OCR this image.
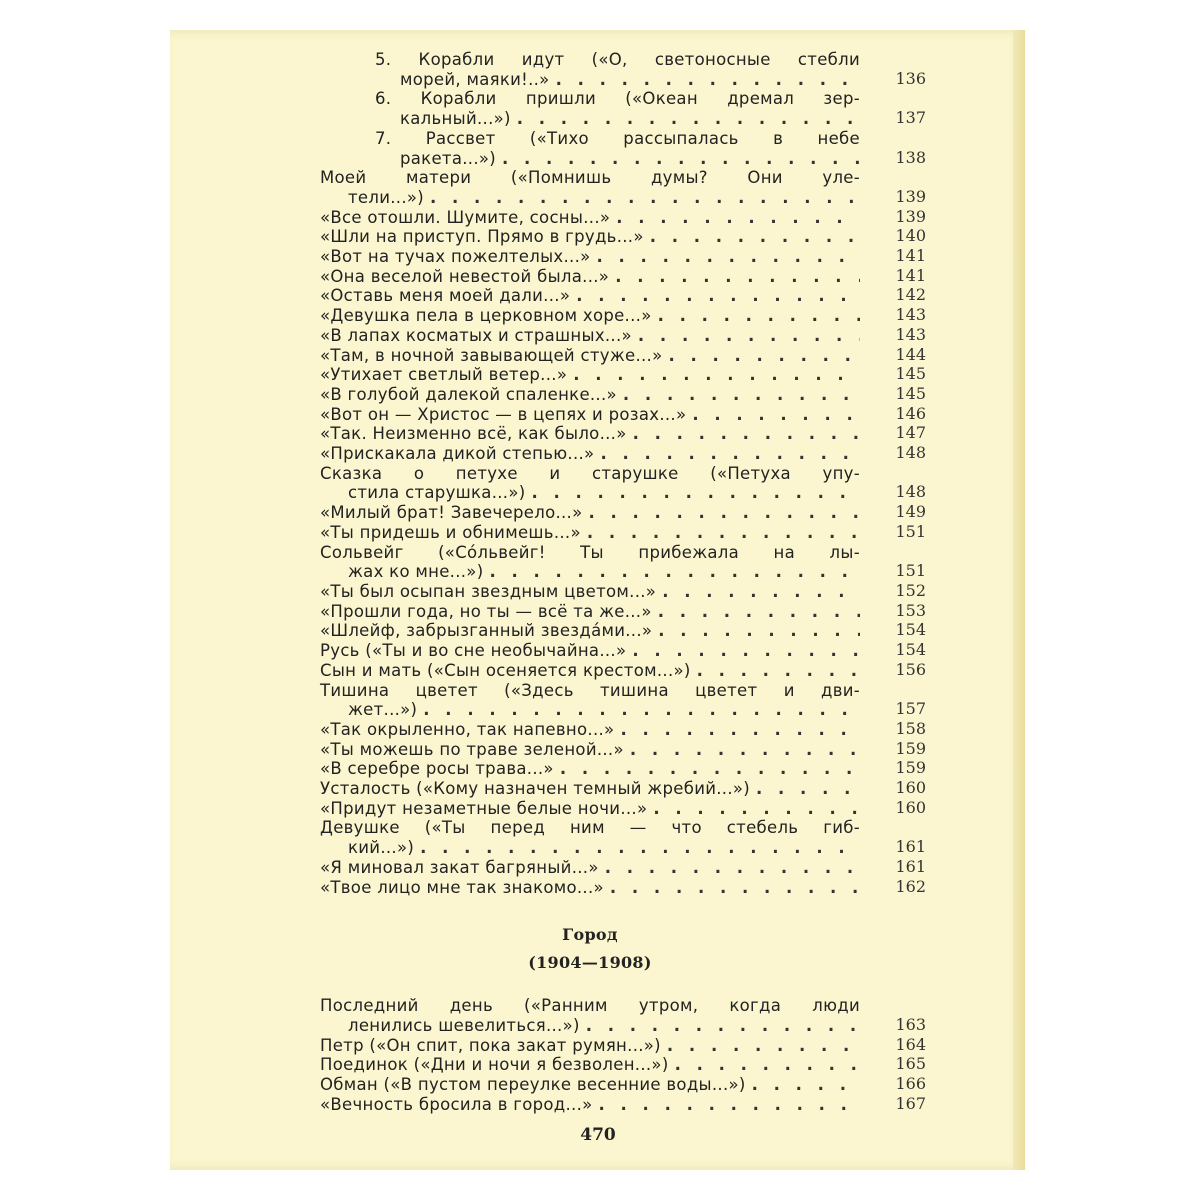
5. Корабли идут («О, светоносные стебли
морей, маяки!..» . . .	136
6. Корабли пришли («Океан дремал зер-
кальный...») . . .	137
7. Рассвет («Тихо рассыпалась в небе
ракета...») . . .	138
Моей матери («Помнишь думы? Они уле-
тели...») . . .	139
«Все отошли. Шумите, сосны...» . . .	139
«Шли на приступ. Прямо в грудь...» . . .	140
«Вот на тучах пожелтелых...» . . .	141
«Она веселой невестой была...» . . .	141
«Оставь меня моей дали...» . . .	142
«Девушка пела в церковном хоре...» . . .	143
«В лапах косматых и страшных...» . . .	143
«Там, в ночной завывающей стуже...» . . .	144
«Утихает светлый ветер...» . . .	145
«В голубой далекой спаленке...» . . .	145
«Вот он — Христос — в цепях и розах...» . . .	146
«Так. Неизменно всё, как было...» . . .	147
«Прискакала дикой степью...» . . .	148
Сказка о петухе и старушке («Петуха упу-
стила старушка...») . . .	148
«Милый брат! Завечерело...» . . .	149
«Ты придешь и обнимешь...» . . .	151
Сольвейг («Сóльвейг! Ты прибежала на лы-
жах ко мне...») . . .	151
«Ты был осыпан звездным цветом...» . . .	152
«Прошли года, но ты — всё та же...» . . .	153
«Шлейф, забрызганный звездáми...» . . .	154
Русь («Ты и во сне необычайна...» . . .	154
Сын и мать («Сын осеняется крестом...») . . .	156
Тишина цветет («Здесь тишина цветет и дви-
жет...») . . .	157
«Так окрыленно, так напевно...» . . .	158
«Ты можешь по траве зеленой...» . . .	159
«В серебре росы трава...» . . .	159
Усталость («Кому назначен темный жребий...») . . .	160
«Придут незаметные белые ночи...» . . .	160
Девушке («Ты перед ним — что стебель гиб-
кий...») . . .	161
«Я миновал закат багряный...» . . .	161
«Твое лицо мне так знакомо...» . . .	162
Город
(1904—1908)
Последний день («Ранним утром, когда люди
ленились шевелиться...») . . .	163
Петр («Он спит, пока закат румян...») . . .	164
Поединок («Дни и ночи я безволен...») . . .	165
Обман («В пустом переулке весенние воды...») . . .	166
«Вечность бросила в город...» . . .	167
470
